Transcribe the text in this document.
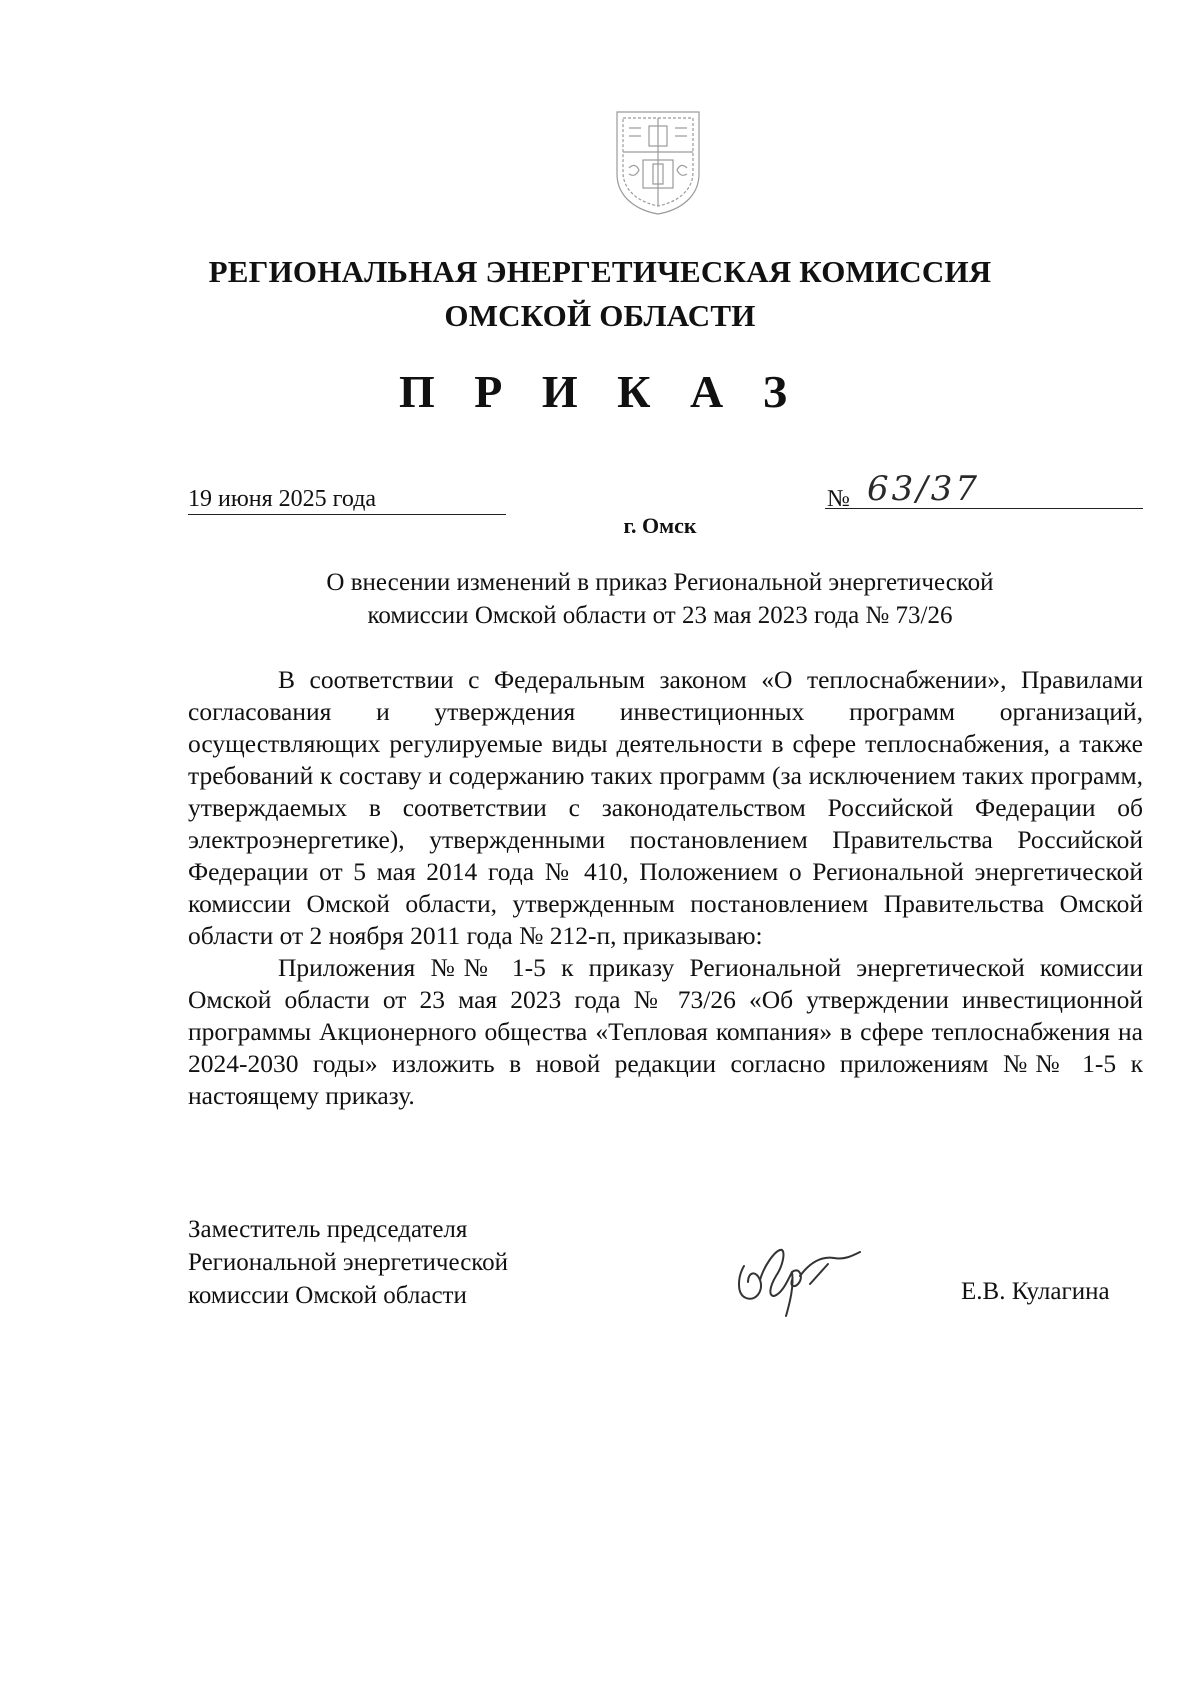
РЕГИОНАЛЬНАЯ ЭНЕРГЕТИЧЕСКАЯ КОМИССИЯ
ОМСКОЙ ОБЛАСТИ
П Р И К А З
19 июня 2025 года	№ 63/37
г. Омск
О внесении изменений в приказ Региональной энергетической
комиссии Омской области от 23 мая 2023 года № 73/26

В соответствии с Федеральным законом «О теплоснабжении», Правилами согласования и утверждения инвестиционных программ организаций, осуществляющих регулируемые виды деятельности в сфере теплоснабжения, а также требований к составу и содержанию таких программ (за исключением таких программ, утверждаемых в соответствии с законодательством Российской Федерации об электроэнергетике), утвержденными постановлением Правительства Российской Федерации от 5 мая 2014 года № 410, Положением о Региональной энергетической комиссии Омской области, утвержденным постановлением Правительства Омской области от 2 ноября 2011 года № 212-п, приказываю:

Приложения №№ 1-5 к приказу Региональной энергетической комиссии Омской области от 23 мая 2023 года № 73/26 «Об утверждении инвестиционной программы Акционерного общества «Тепловая компания» в сфере теплоснабжения на 2024-2030 годы» изложить в новой редакции согласно приложениям №№ 1-5 к настоящему приказу.

Заместитель председателя
Региональной энергетической
комиссии Омской области	Е.В. Кулагина
